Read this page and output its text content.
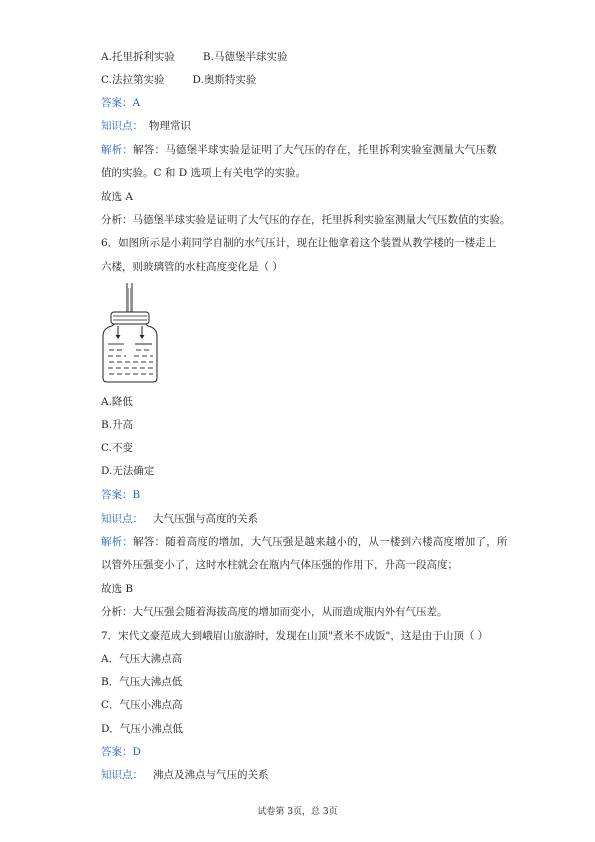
A.托里拆利实验	B.马德堡半球实验
C.法拉第实验	D.奥斯特实验
答案：A
知识点： 物理常识
解析：解答：马德堡半球实验是证明了大气压的存在，托里拆利实验室测量大气压数
值的实验。C 和 D 选项上有关电学的实验。
故选 A
分析：马德堡半球实验是证明了大气压的存在，托里拆利实验室测量大气压数值的实验。
6．如图所示是小莉同学自制的水气压计，现在让他拿着这个装置从教学楼的一楼走上
六楼，则玻璃管的水柱高度变化是（ ）
A.降低
B.升高
C.不变
D.无法确定
答案：B
知识点： 大气压强与高度的关系
解析：解答：随着高度的增加，大气压强是越来越小的，从一楼到六楼高度增加了，所
以管外压强变小了，这时水柱就会在瓶内气体压强的作用下，升高一段高度；
故选 B
分析：大气压强会随着海拔高度的增加而变小，从而造成瓶内外有气压差。
7．宋代文豪范成大到峨眉山旅游时，发现在山顶"煮米不成饭"，这是由于山顶（ ）
A．气压大沸点高
B．气压大沸点低
C．气压小沸点高
D．气压小沸点低
答案：D
知识点： 沸点及沸点与气压的关系
试卷第 3页，总 3页
